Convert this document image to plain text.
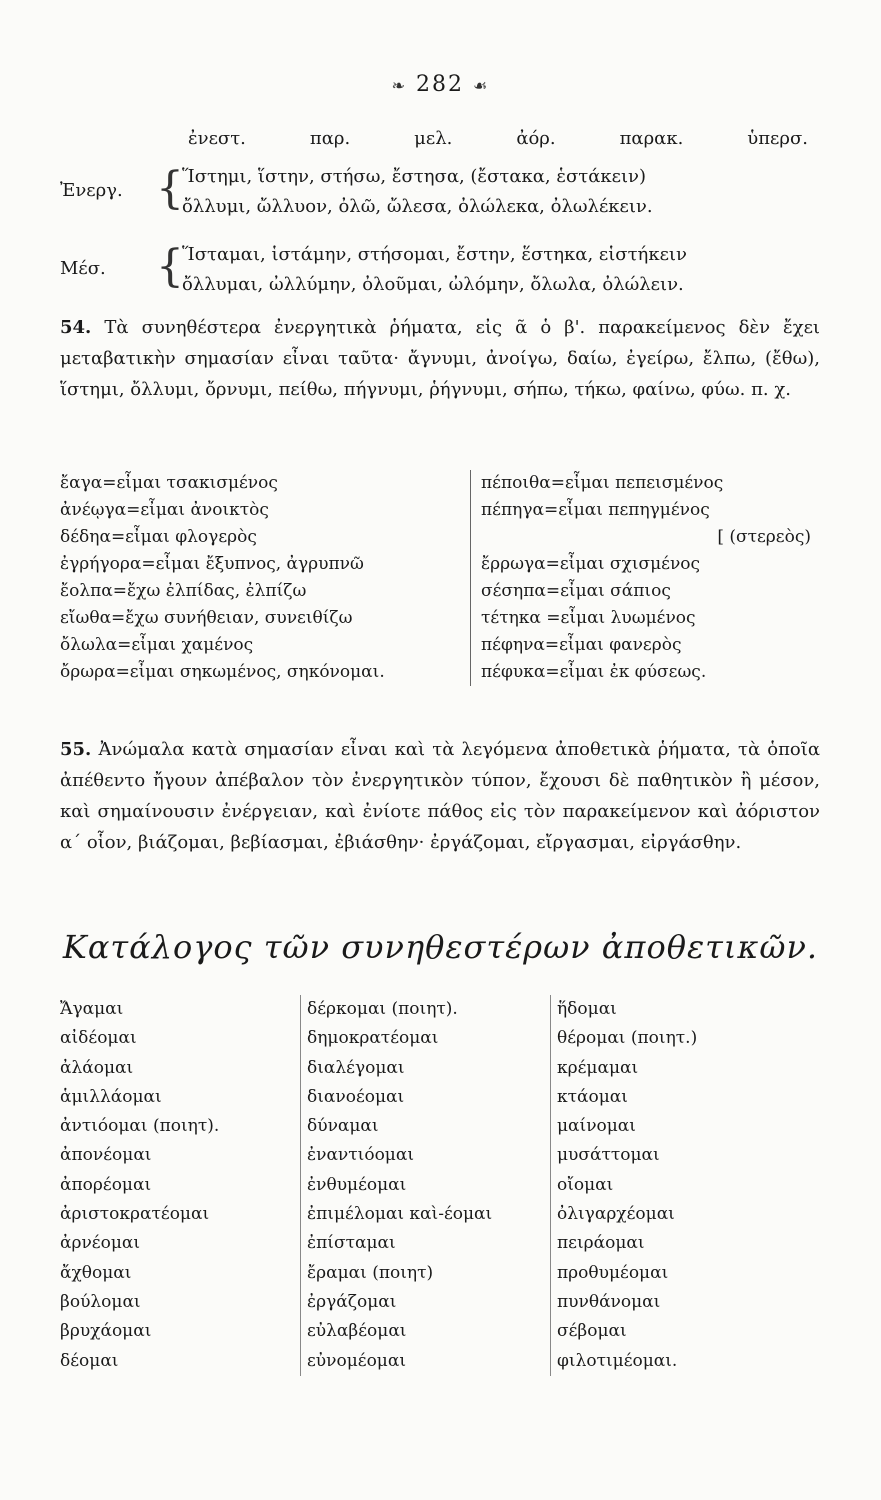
❧ 282 ☙
ἐνεστ.	παρ.	μελ.	ἀόρ.	παρακ.	ὑπερσ.
Ἐνεργ. {
Ἵστημι, ἵστην, στήσω, ἔστησα, (ἔστακα, ἑστάκειν)
ὄλλυμι, ὤλλυον, ὀλῶ, ὤλεσα, ὀλώλεκα, ὀλωλέκειν.
Μέσ.	{
Ἵσταμαι, ἱστάμην, στήσομαι, ἔστην, ἕστηκα, εἱστήκειν
ὄλλυμαι, ὠλλύμην, ὀλοῦμαι, ὠλόμην, ὄλωλα, ὀλώλειν.
54. Τὰ συνηθέστερα ἐνεργητικὰ ῥήματα, εἰς ᾶ ὁ β'. παρακείμενος δὲν ἔχει μεταβατικὴν σημασίαν εἶναι ταῦτα· ἄγνυμι, ἀνοίγω, δαίω, ἐγείρω, ἔλπω, (ἔθω), ἵστημι, ὄλλυμι, ὄρνυμι, πείθω, πήγνυμι, ῥήγνυμι, σήπω, τήκω, φαίνω, φύω. π. χ.
ἔαγα=εἶμαι τσακισμένος
ἀνέῳγα=εἶμαι ἀνοικτὸς
δέδηα=εἶμαι φλογερὸς
ἐγρήγορα=εἶμαι ἔξυπνος, ἀγρυπνῶ
ἔολπα=ἔχω ἐλπίδας, ἐλπίζω
εἴωθα=ἔχω συνήθειαν, συνειθίζω
ὄλωλα=εἶμαι χαμένος
ὄρωρα=εἶμαι σηκωμένος, σηκόνομαι.
πέποιθα=εἶμαι πεπεισμένος
πέπηγα=εἶμαι πεπηγμένος
[ (στερεὸς)
ἔρρωγα=εἶμαι σχισμένος
σέσηπα=εἶμαι σάπιος
τέτηκα =εἶμαι λυωμένος
πέφηνα=εἶμαι φανερὸς
πέφυκα=εἶμαι ἐκ φύσεως.
55. Ἀνώμαλα κατὰ σημασίαν εἶναι καὶ τὰ λεγόμενα ἀποθετικὰ ῥήματα, τὰ ὁποῖα ἀπέθεντο ἤγουν ἀπέβαλον τὸν ἐνεργητικὸν τύπον, ἔχουσι δὲ παθητικὸν ἢ μέσον, καὶ σημαίνουσιν ἐνέργειαν, καὶ ἐνίοτε πάθος εἰς τὸν παρακείμενον καὶ ἀόριστον α΄ οἷον, βιάζομαι, βεβίασμαι, ἐβιάσθην· ἐργάζομαι, εἴργασμαι, εἰργάσθην.
Κατάλογος τῶν συνηθεστέρων ἀποθετικῶν.
Ἄγαμαι
αἰδέομαι
ἀλάομαι
ἁμιλλάομαι
ἀντιόομαι (ποιητ).
ἀπονέομαι
ἀπορέομαι
ἀριστοκρατέομαι
ἀρνέομαι
ἄχθομαι
βούλομαι
βρυχάομαι
δέομαι
δέρκομαι (ποιητ).
δημοκρατέομαι
διαλέγομαι
διανοέομαι
δύναμαι
ἐναντιόομαι
ἐνθυμέομαι
ἐπιμέλομαι καὶ-έομαι
ἐπίσταμαι
ἔραμαι (ποιητ)
ἐργάζομαι
εὐλαβέομαι
εὐνομέομαι
ἥδομαι
θέρομαι (ποιητ.)
κρέμαμαι
κτάομαι
μαίνομαι
μυσάττομαι
οἴομαι
ὀλιγαρχέομαι
πειράομαι
προθυμέομαι
πυνθάνομαι
σέβομαι
φιλοτιμέομαι.
